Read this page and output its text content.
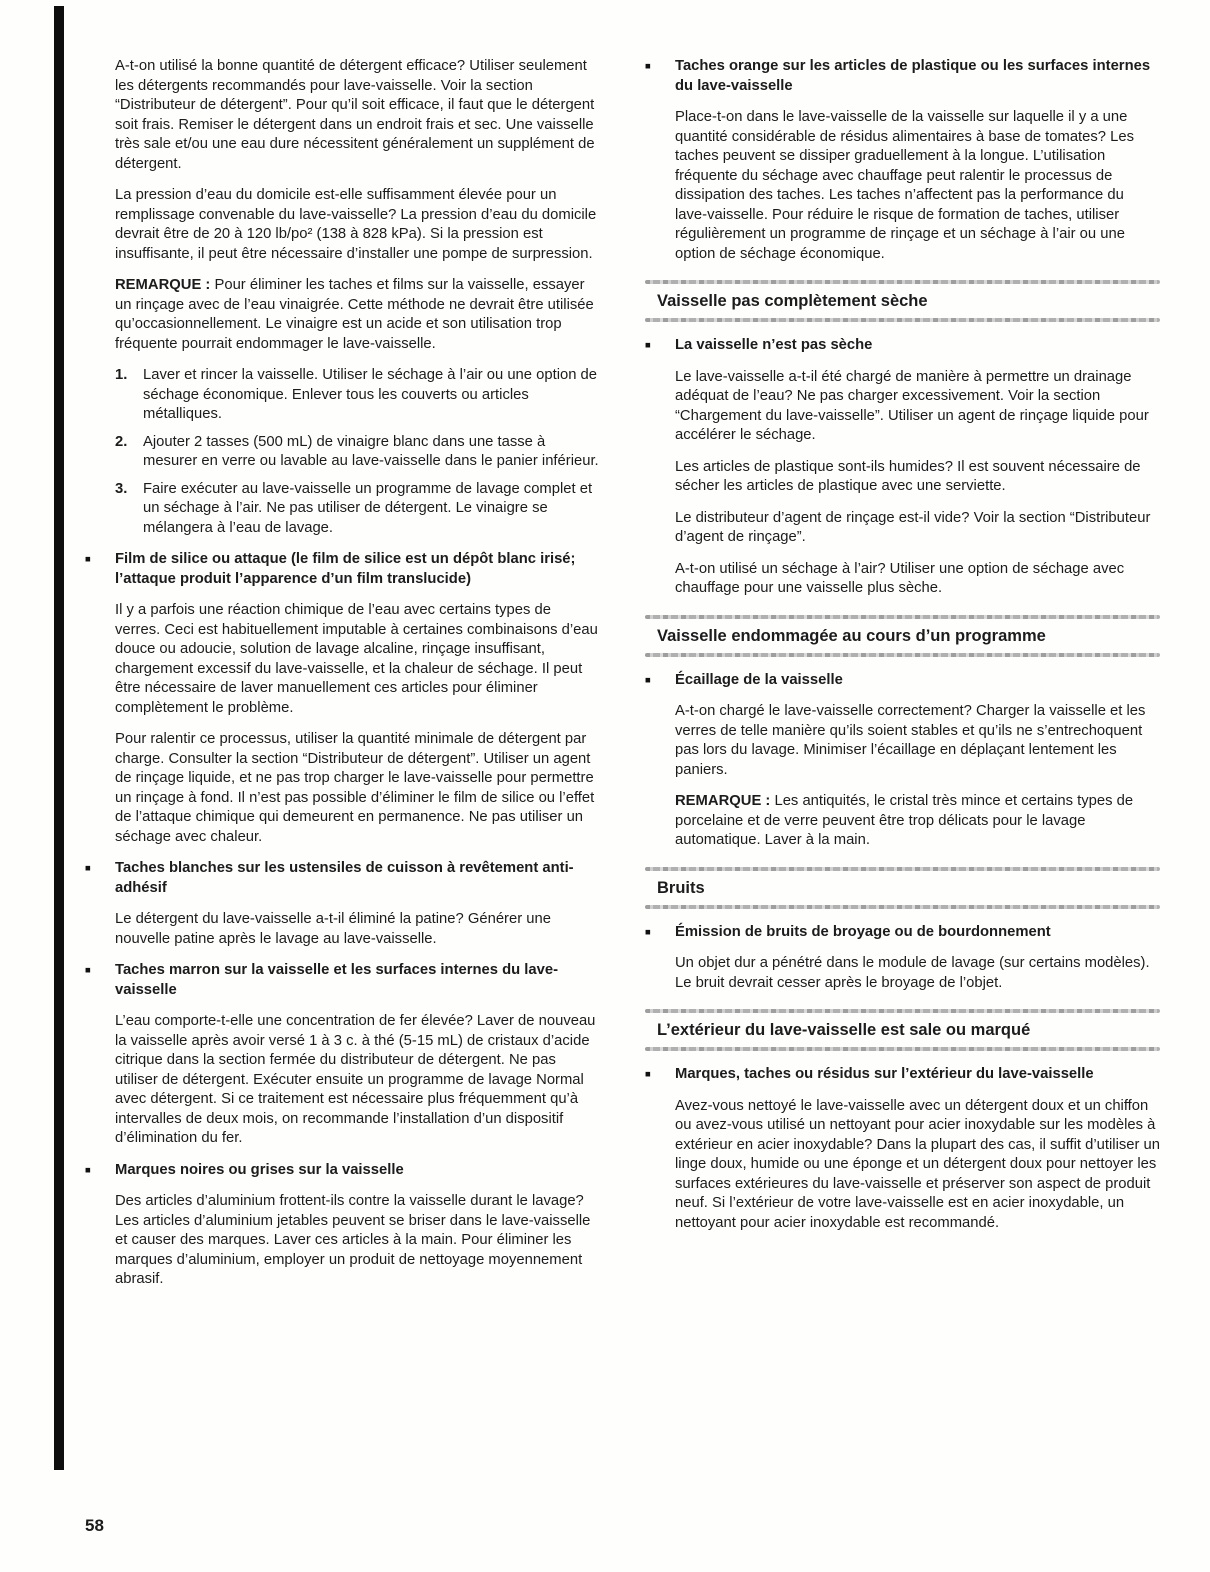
A-t-on utilisé la bonne quantité de détergent efficace? Utiliser seulement les détergents recommandés pour lave-vaisselle. Voir la section “Distributeur de détergent”. Pour qu’il soit efficace, il faut que le détergent soit frais. Remiser le détergent dans un endroit frais et sec. Une vaisselle très sale et/ou une eau dure nécessitent généralement un supplément de détergent.

La pression d’eau du domicile est-elle suffisamment élevée pour un remplissage convenable du lave-vaisselle? La pression d’eau du domicile devrait être de 20 à 120 lb/po² (138 à 828 kPa). Si la pression est insuffisante, il peut être nécessaire d’installer une pompe de surpression.

REMARQUE : Pour éliminer les taches et films sur la vaisselle, essayer un rinçage avec de l’eau vinaigrée. Cette méthode ne devrait être utilisée qu’occasionnellement. Le vinaigre est un acide et son utilisation trop fréquente pourrait endommager le lave-vaisselle.

1.	Laver et rincer la vaisselle. Utiliser le séchage à l’air ou une option de séchage économique. Enlever tous les couverts ou articles métalliques.
2.	Ajouter 2 tasses (500 mL) de vinaigre blanc dans une tasse à mesurer en verre ou lavable au lave-vaisselle dans le panier inférieur.
3.	Faire exécuter au lave-vaisselle un programme de lavage complet et un séchage à l’air. Ne pas utiliser de détergent. Le vinaigre se mélangera à l’eau de lavage.
■	Film de silice ou attaque (le film de silice est un dépôt blanc irisé; l’attaque produit l’apparence d’un film translucide)

Il y a parfois une réaction chimique de l’eau avec certains types de verres. Ceci est habituellement imputable à certaines combinaisons d’eau douce ou adoucie, solution de lavage alcaline, rinçage insuffisant, chargement excessif du lave-vaisselle, et la chaleur de séchage. Il peut être nécessaire de laver manuellement ces articles pour éliminer complètement le problème.

Pour ralentir ce processus, utiliser la quantité minimale de détergent par charge. Consulter la section “Distributeur de détergent”. Utiliser un agent de rinçage liquide, et ne pas trop charger le lave-vaisselle pour permettre un rinçage à fond. Il n’est pas possible d’éliminer le film de silice ou l’effet de l’attaque chimique qui demeurent en permanence. Ne pas utiliser un séchage avec chaleur.

■	Taches blanches sur les ustensiles de cuisson à revêtement anti-adhésif

Le détergent du lave-vaisselle a-t-il éliminé la patine? Générer une nouvelle patine après le lavage au lave-vaisselle.

■	Taches marron sur la vaisselle et les surfaces internes du lave-vaisselle

L’eau comporte-t-elle une concentration de fer élevée? Laver de nouveau la vaisselle après avoir versé 1 à 3 c. à thé (5-15 mL) de cristaux d’acide citrique dans la section fermée du distributeur de détergent. Ne pas utiliser de détergent. Exécuter ensuite un programme de lavage Normal avec détergent. Si ce traitement est nécessaire plus fréquemment qu’à intervalles de deux mois, on recommande l’installation d’un dispositif d’élimination du fer.

■	Marques noires ou grises sur la vaisselle

Des articles d’aluminium frottent-ils contre la vaisselle durant le lavage? Les articles d’aluminium jetables peuvent se briser dans le lave-vaisselle et causer des marques. Laver ces articles à la main. Pour éliminer les marques d’aluminium, employer un produit de nettoyage moyennement abrasif.

■	Taches orange sur les articles de plastique ou les surfaces internes du lave-vaisselle

Place-t-on dans le lave-vaisselle de la vaisselle sur laquelle il y a une quantité considérable de résidus alimentaires à base de tomates? Les taches peuvent se dissiper graduellement à la longue. L’utilisation fréquente du séchage avec chauffage peut ralentir le processus de dissipation des taches. Les taches n’affectent pas la performance du lave-vaisselle. Pour réduire le risque de formation de taches, utiliser régulièrement un programme de rinçage et un séchage à l’air ou une option de séchage économique.

Vaisselle pas complètement sèche
■	La vaisselle n’est pas sèche

Le lave-vaisselle a-t-il été chargé de manière à permettre un drainage adéquat de l’eau? Ne pas charger excessivement. Voir la section “Chargement du lave-vaisselle”. Utiliser un agent de rinçage liquide pour accélérer le séchage.

Les articles de plastique sont-ils humides? Il est souvent nécessaire de sécher les articles de plastique avec une serviette.

Le distributeur d’agent de rinçage est-il vide? Voir la section “Distributeur d’agent de rinçage”.

A-t-on utilisé un séchage à l’air? Utiliser une option de séchage avec chauffage pour une vaisselle plus sèche.

Vaisselle endommagée au cours d’un programme
■	Écaillage de la vaisselle

A-t-on chargé le lave-vaisselle correctement? Charger la vaisselle et les verres de telle manière qu’ils soient stables et qu’ils ne s’entrechoquent pas lors du lavage. Minimiser l’écaillage en déplaçant lentement les paniers.

REMARQUE : Les antiquités, le cristal très mince et certains types de porcelaine et de verre peuvent être trop délicats pour le lavage automatique. Laver à la main.

Bruits
■	Émission de bruits de broyage ou de bourdonnement

Un objet dur a pénétré dans le module de lavage (sur certains modèles). Le bruit devrait cesser après le broyage de l’objet.

L’extérieur du lave-vaisselle est sale ou marqué
■	Marques, taches ou résidus sur l’extérieur du lave-vaisselle

Avez-vous nettoyé le lave-vaisselle avec un détergent doux et un chiffon ou avez-vous utilisé un nettoyant pour acier inoxydable sur les modèles à extérieur en acier inoxydable? Dans la plupart des cas, il suffit d’utiliser un linge doux, humide ou une éponge et un détergent doux pour nettoyer les surfaces extérieures du lave-vaisselle et préserver son aspect de produit neuf. Si l’extérieur de votre lave-vaisselle est en acier inoxydable, un nettoyant pour acier inoxydable est recommandé.

58
